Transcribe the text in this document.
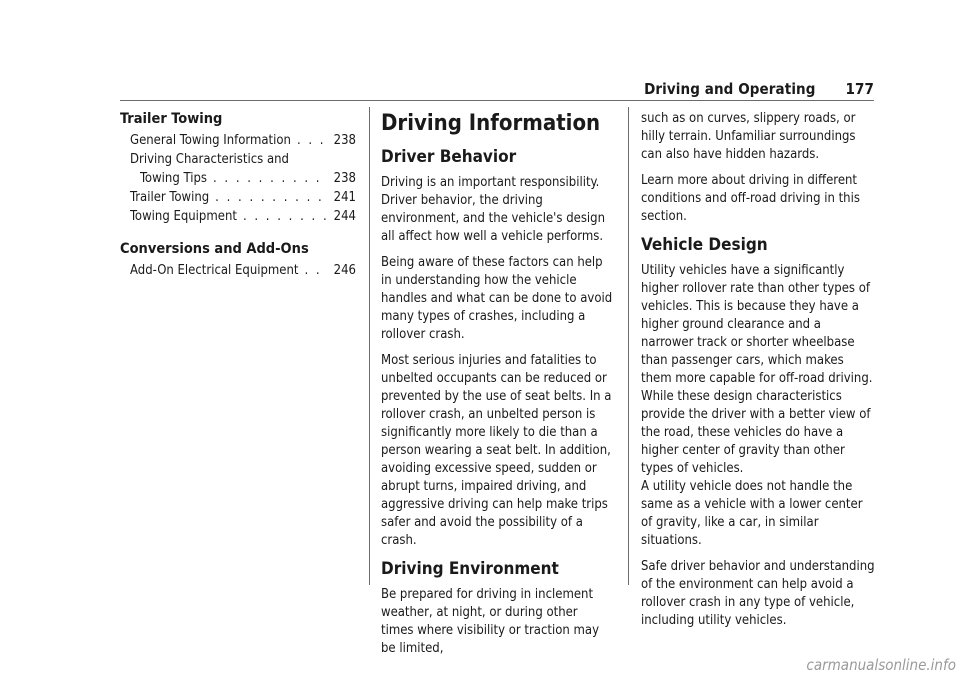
Driving and Operating 177
Trailer Towing
General Towing Information . . .	238
Driving Characteristics and
Towing Tips . . .	238
Trailer Towing . . .	241
Towing Equipment . . .	244
Conversions and Add-Ons
Add-On Electrical Equipment . . .	246
Driving Information
Driver Behavior

Driving is an important responsibility. Driver behavior, the driving environment, and the vehicle's design all affect how well a vehicle performs.

Being aware of these factors can help in understanding how the vehicle handles and what can be done to avoid many types of crashes, including a rollover crash.

Most serious injuries and fatalities to unbelted occupants can be reduced or prevented by the use of seat belts. In a rollover crash, an unbelted person is significantly more likely to die than a person wearing a seat belt. In addition, avoiding excessive speed, sudden or abrupt turns, impaired driving, and aggressive driving can help make trips safer and avoid the possibility of a crash.

Driving Environment

Be prepared for driving in inclement weather, at night, or during other times where visibility or traction may be limited,

such as on curves, slippery roads, or hilly terrain. Unfamiliar surroundings can also have hidden hazards.

Learn more about driving in different conditions and off-road driving in this section.

Vehicle Design

Utility vehicles have a significantly higher rollover rate than other types of vehicles. This is because they have a higher ground clearance and a narrower track or shorter wheelbase than passenger cars, which makes them more capable for off-road driving. While these design characteristics provide the driver with a better view of the road, these vehicles do have a higher center of gravity than other types of vehicles.

A utility vehicle does not handle the same as a vehicle with a lower center of gravity, like a car, in similar situations.

Safe driver behavior and understanding of the environment can help avoid a rollover crash in any type of vehicle, including utility vehicles.

carmanualsonline.info
